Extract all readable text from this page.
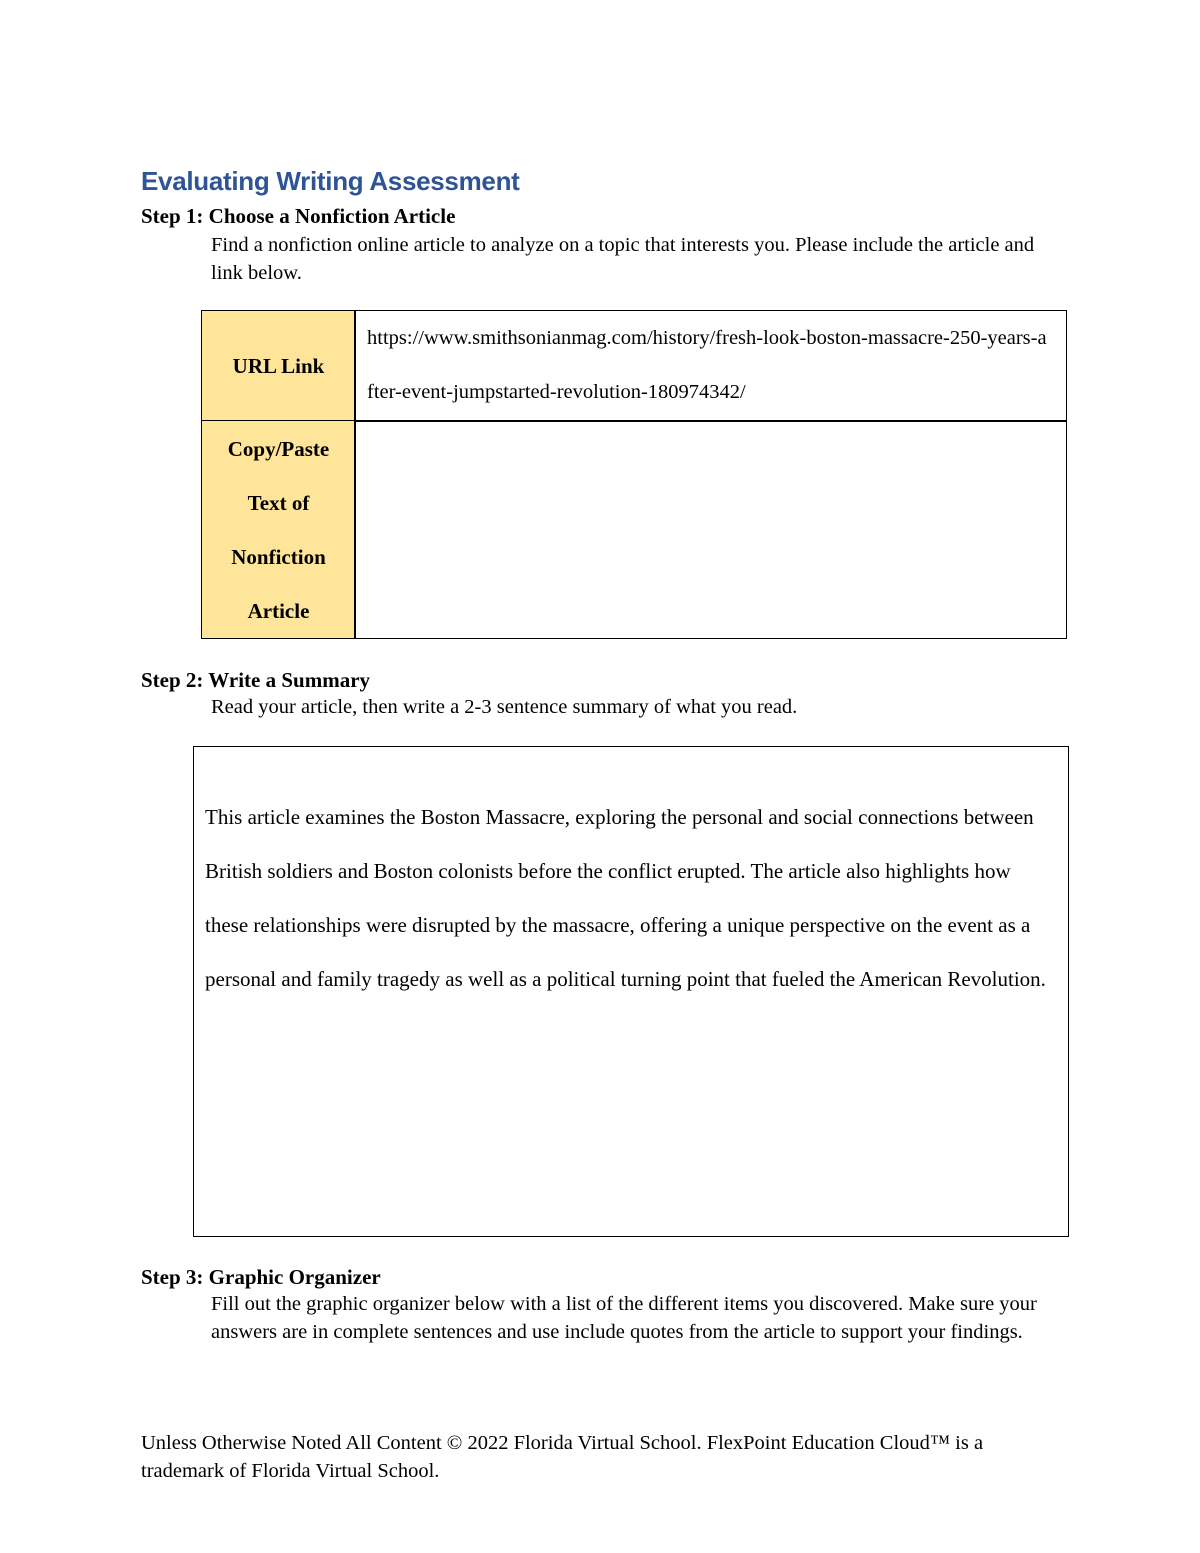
Evaluating Writing Assessment
Step 1: Choose a Nonfiction Article
Find a nonfiction online article to analyze on a topic that interests you. Please include the article and link below.
URL Link
https://www.smithsonianmag.com/history/fresh-look-boston-massacre-250-years-after-event-jumpstarted-revolution-180974342/
Copy/Paste Text of Nonfiction Article
Step 2: Write a Summary
Read your article, then write a 2-3 sentence summary of what you read.
This article examines the Boston Massacre, exploring the personal and social connections between British soldiers and Boston colonists before the conflict erupted. The article also highlights how these relationships were disrupted by the massacre, offering a unique perspective on the event as a personal and family tragedy as well as a political turning point that fueled the American Revolution.
Step 3: Graphic Organizer
Fill out the graphic organizer below with a list of the different items you discovered. Make sure your answers are in complete sentences and use include quotes from the article to support your findings.
Unless Otherwise Noted All Content © 2022 Florida Virtual School. FlexPoint Education Cloud™ is a trademark of Florida Virtual School.
